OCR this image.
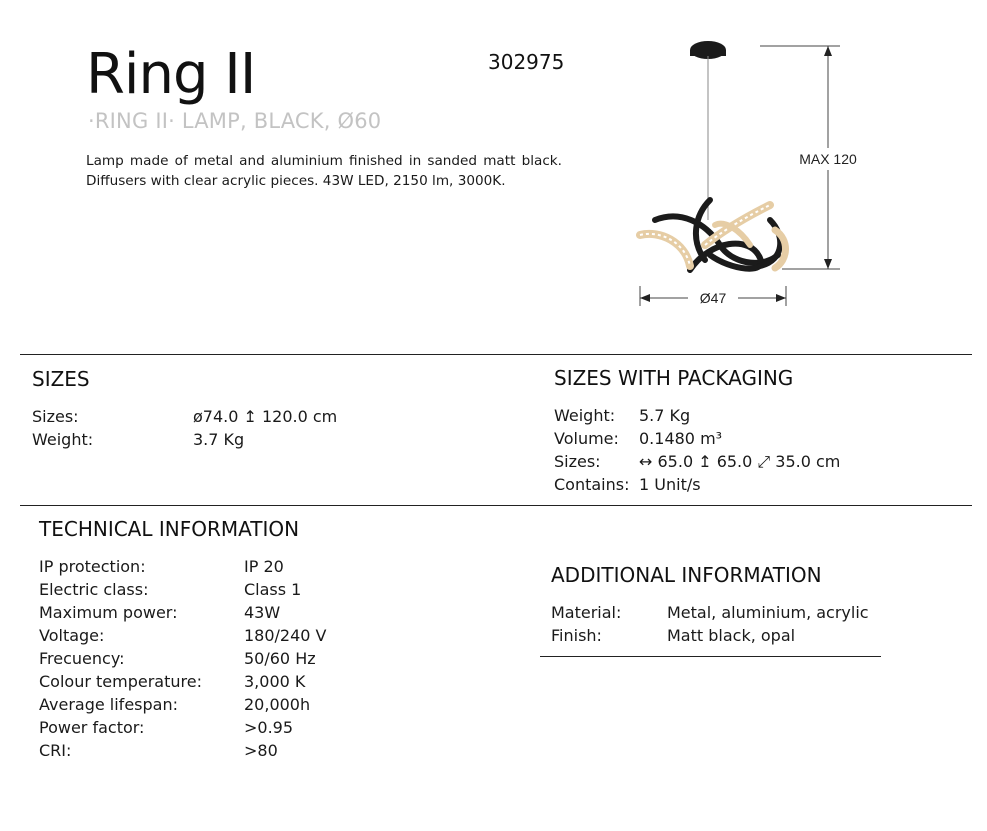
Ring II	302975
·RING II· LAMP, BLACK, Ø60
Lamp made of metal and aluminium finished in sanded matt black. Diffusers with clear acrylic pieces. 43W LED, 2150 lm, 3000K.
MAX 120
Ø47
SIZES
Sizes:	ø74.0 ↥ 120.0 cm
Weight:	3.7 Kg
SIZES WITH PACKAGING
Weight: 5.7 Kg
Volume: 0.1480 m³
Sizes: ↔ 65.0 ↥ 65.0 ⤢ 35.0 cm
Contains: 1 Unit/s
TECHNICAL INFORMATION
IP protection:	IP 20
Electric class:	Class 1
Maximum power:	43W
Voltage:	180/240 V
Frecuency:	50/60 Hz
Colour temperature:	3,000 K
Average lifespan:	20,000h
Power factor:	>0.95
CRI:	>80
ADDITIONAL INFORMATION
Material:	Metal, aluminium, acrylic
Finish:	Matt black, opal
